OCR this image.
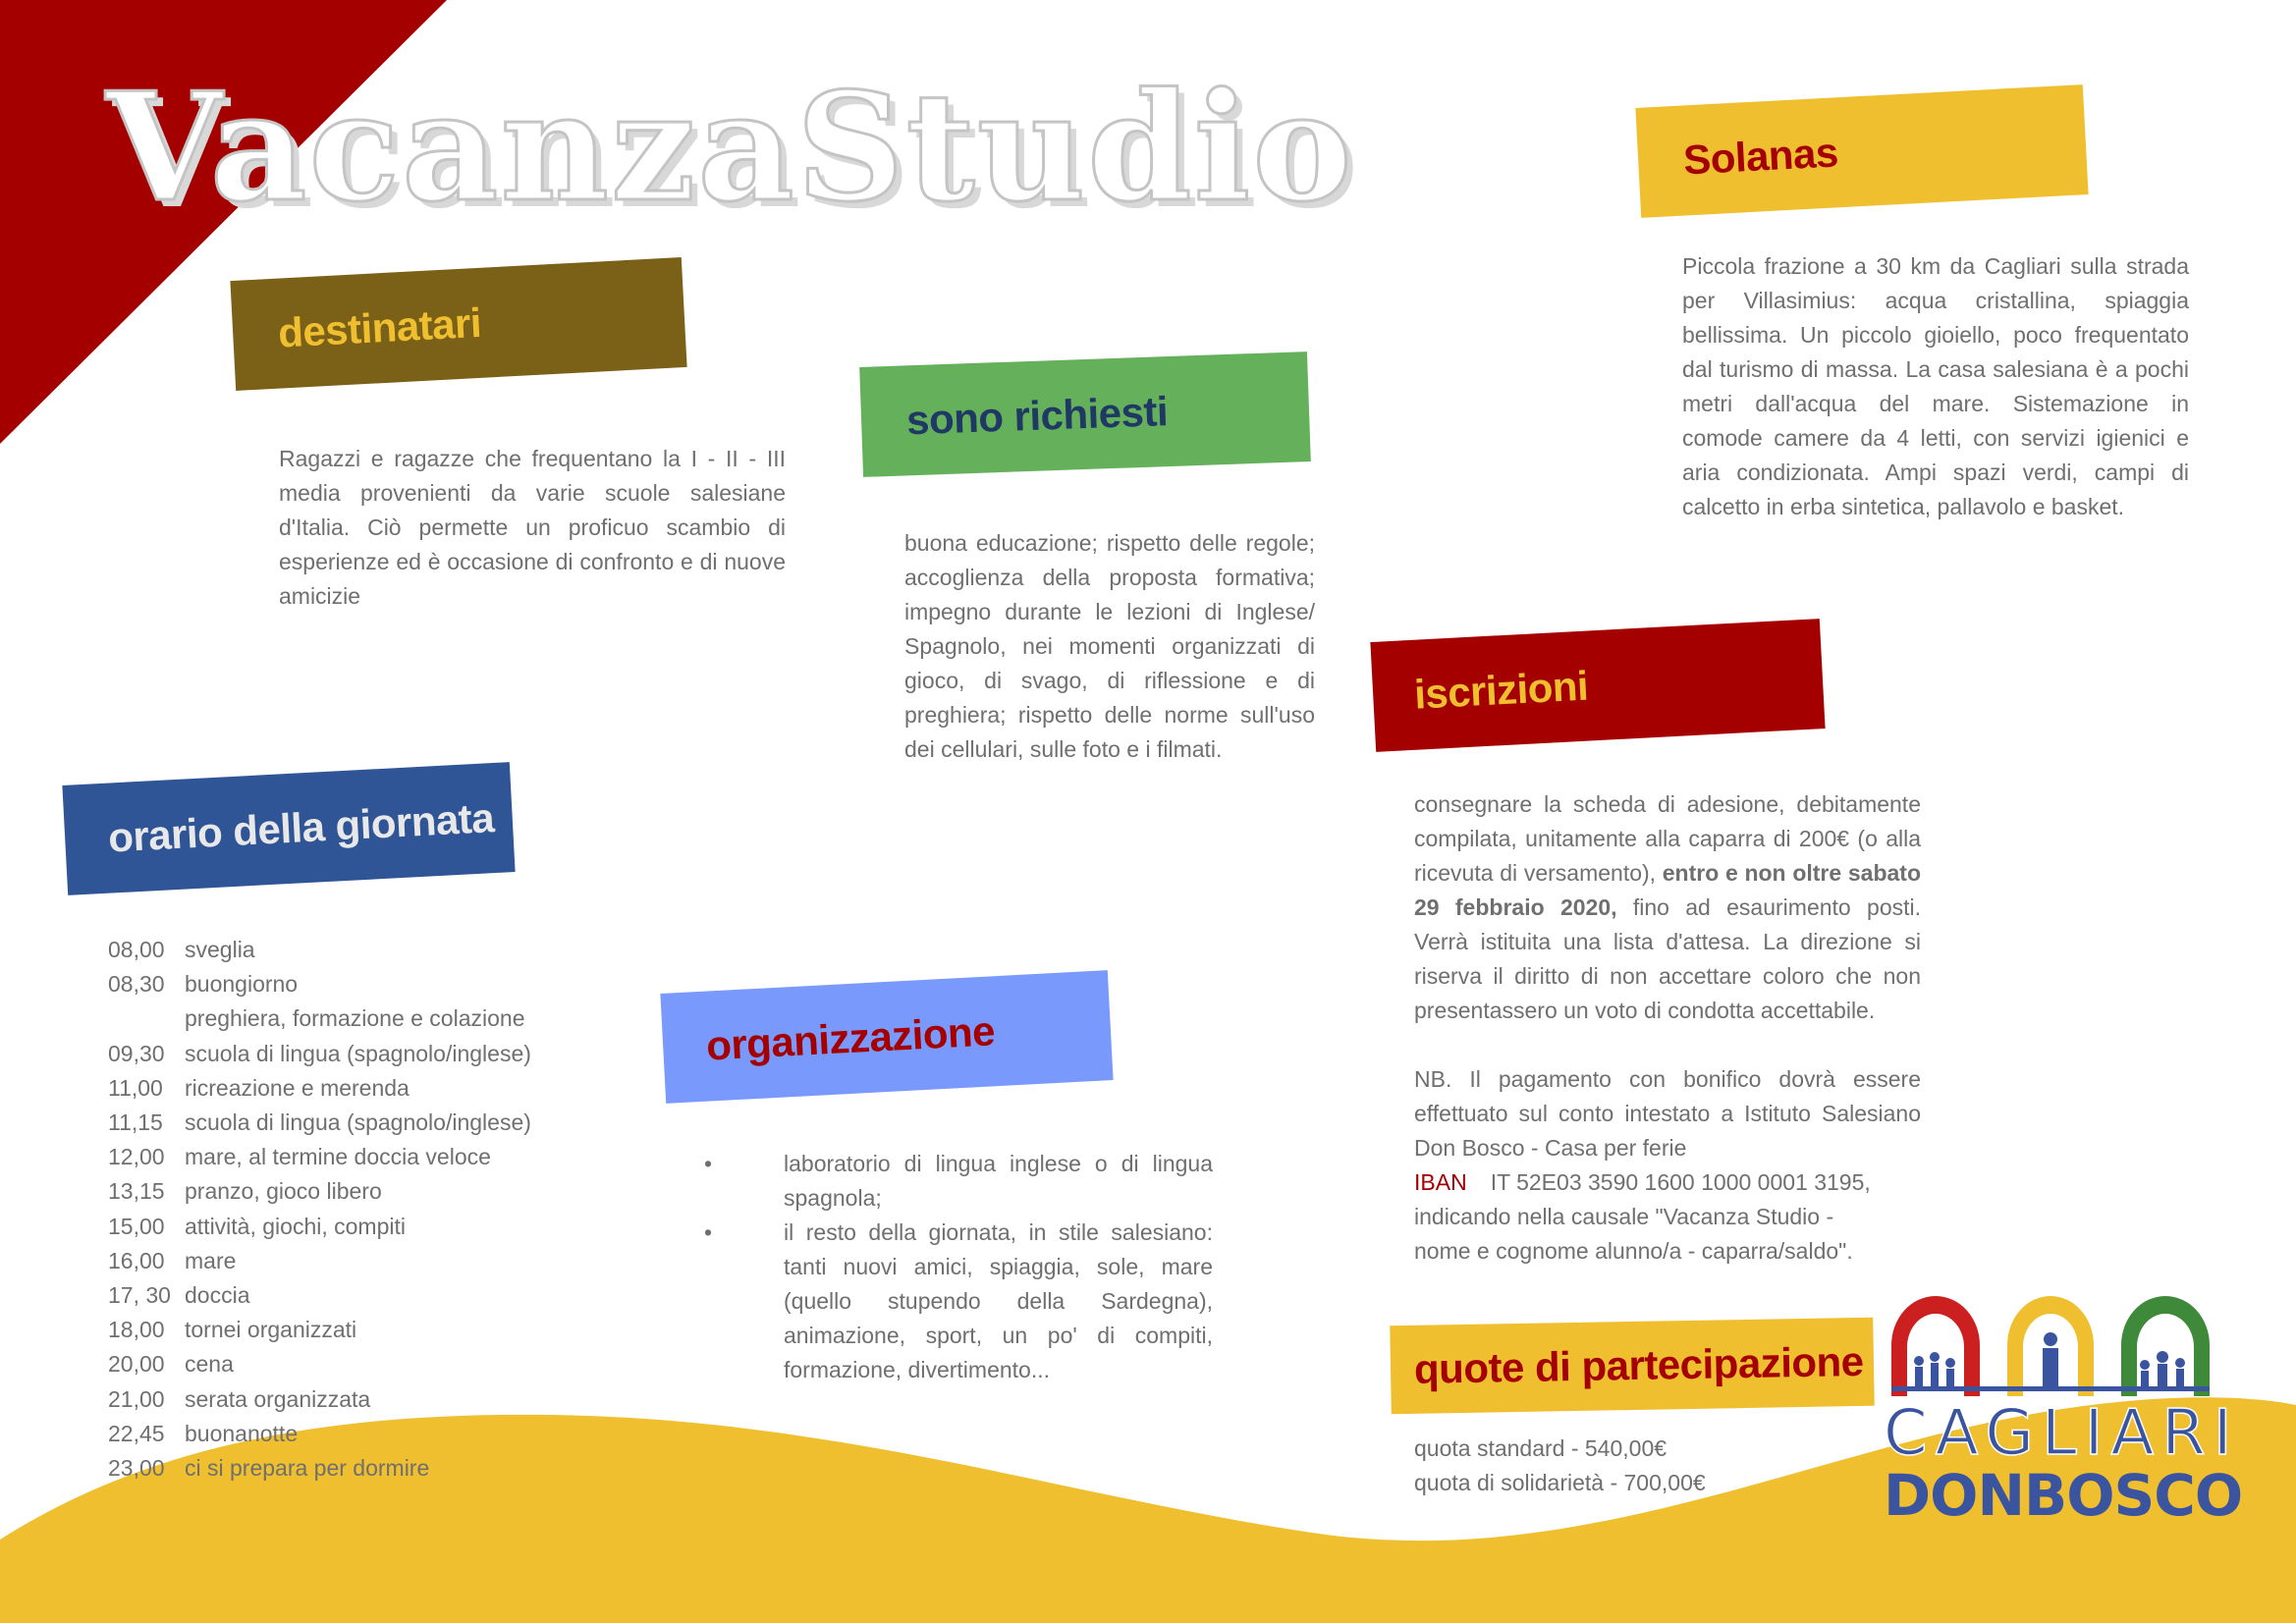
VacanzaStudio
destinatari
Ragazzi e ragazze che frequentano la I - II - III media provenienti da varie scuole salesiane d'Italia. Ciò permette un proficuo scambio di esperienze ed è occasione di confronto e di nuove amicizie
sono richiesti
buona educazione; rispetto delle regole; accoglienza della proposta formativa; impegno durante le lezioni di Inglese/ Spagnolo, nei momenti organizzati di gioco, di svago, di riflessione e di preghiera; rispetto delle norme sull'uso dei cellulari, sulle foto e i filmati.
Solanas
Piccola frazione a 30 km da Cagliari sulla strada per Villasimius: acqua cristallina, spiaggia bellissima. Un piccolo gioiello, poco frequentato dal turismo di massa. La casa salesiana è a pochi metri dall'acqua del mare. Sistemazione in comode camere da 4 letti, con servizi igienici e aria condizionata. Ampi spazi verdi, campi di calcetto in erba sintetica, pallavolo e basket.
orario della giornata
08,00 sveglia
08,30 buongiorno
preghiera, formazione e colazione
09,30 scuola di lingua (spagnolo/inglese)
11,00 ricreazione e merenda
11,15 scuola di lingua (spagnolo/inglese)
12,00 mare, al termine doccia veloce
13,15 pranzo, gioco libero
15,00 attività, giochi, compiti
16,00 mare
17, 30 doccia
18,00 tornei organizzati
20,00 cena
21,00 serata organizzata
22,45 buonanotte
23,00 ci si prepara per dormire
organizzazione
•	laboratorio di lingua inglese o di lingua spagnola;
•	il resto della giornata, in stile salesiano: tanti nuovi amici, spiaggia, sole, mare (quello stupendo della Sardegna), animazione, sport, un po' di compiti, formazione, divertimento...
iscrizioni

consegnare la scheda di adesione, debitamente compilata, unitamente alla caparra di 200€ (o alla ricevuta di versamento), entro e non oltre sabato 29 febbraio 2020, fino ad esaurimento posti. Verrà istituita una lista d'attesa. La direzione si riserva il diritto di non accettare coloro che non presentassero un voto di condotta accettabile.

NB. Il pagamento con bonifico dovrà essere effettuato sul conto intestato a Istituto Salesiano Don Bosco - Casa per ferie

IBAN IT 52E03 3590 1600 1000 0001 3195,
indicando nella causale "Vacanza Studio -
nome e cognome alunno/a - caparra/saldo".
quote di partecipazione
quota standard - 540,00€
quota di solidarietà - 700,00€
CAGLIARI
DONBOSCO
